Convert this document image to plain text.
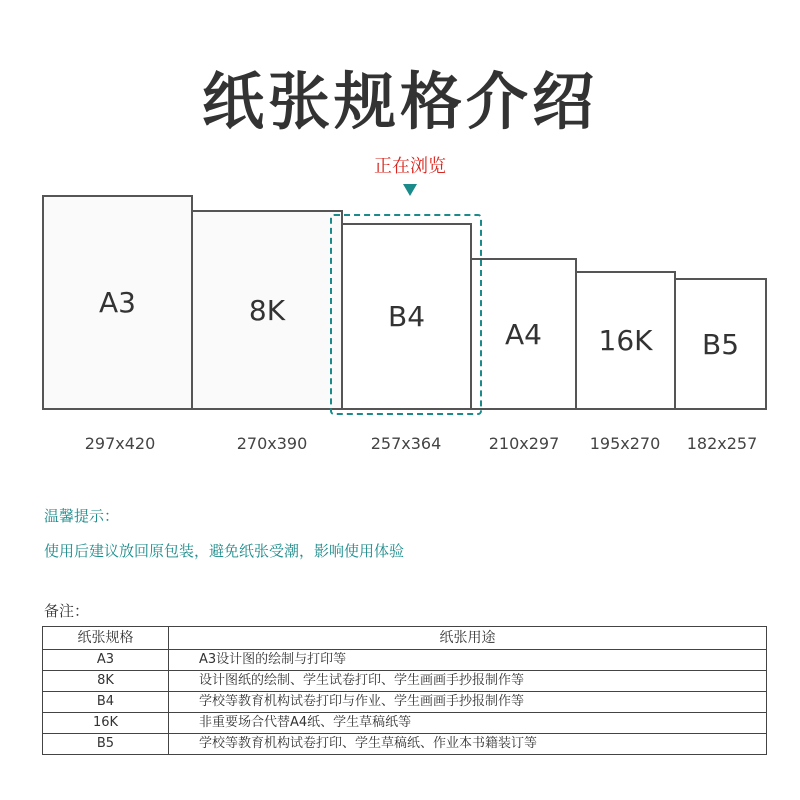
纸张规格介绍
正在浏览
A3	8K	B4
A4 16K B5
297x420	270x390	257x364	210x297	195x270	182x257
温馨提示：
使用后建议放回原包装，避免纸张受潮，影响使用体验
备注：
纸张规格	纸张用途
A3	A3设计图的绘制与打印等
8K	设计图纸的绘制、学生试卷打印、学生画画手抄报制作等
B4	学校等教育机构试卷打印与作业、学生画画手抄报制作等
16K	非重要场合代替A4纸、学生草稿纸等
B5	学校等教育机构试卷打印、学生草稿纸、作业本书籍装订等
